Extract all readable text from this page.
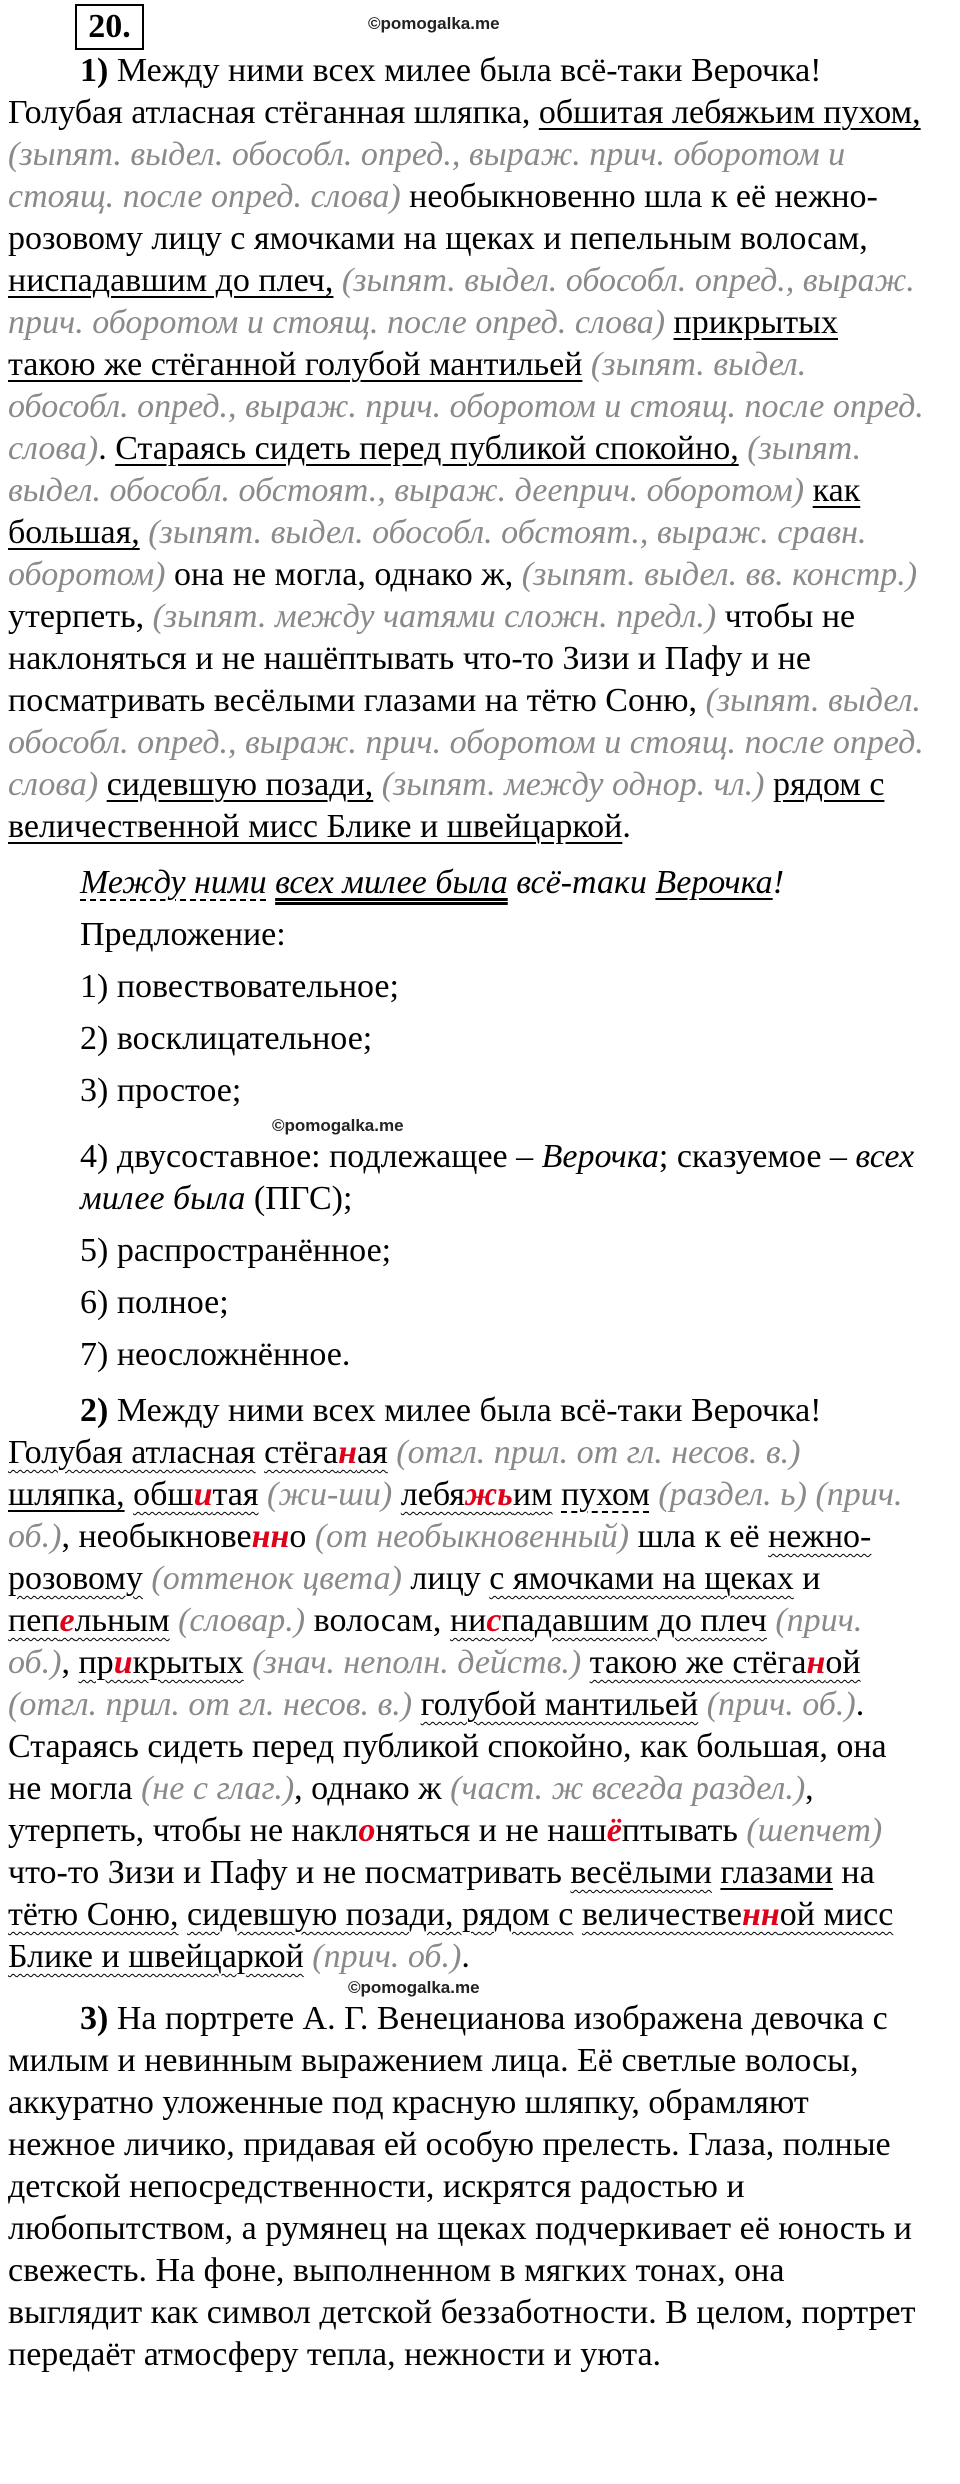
20.	©pomogalka.me

1) Между ними всех милее была всё-таки Верочка! Голубая атласная стёганная шляпка, обшитая лебяжьим пухом, (зыпят. выдел. обособл. опред., выраж. прич. оборотом и стоящ. после опред. слова) необыкновенно шла к её нежно-розовому лицу с ямочками на щеках и пепельным волосам, ниспадавшим до плеч, (зыпят. выдел. обособл. опред., выраж. прич. оборотом и стоящ. после опред. слова) прикрытых такою же стёганной голубой мантильей (зыпят. выдел. обособл. опред., выраж. прич. оборотом и стоящ. после опред. слова). Стараясь сидеть перед публикой спокойно, (зыпят. выдел. обособл. обстоят., выраж. дееприч. оборотом) как большая, (зыпят. выдел. обособл. обстоят., выраж. сравн. оборотом) она не могла, однако ж, (зыпят. выдел. вв. констр.) утерпеть, (зыпят. между чатями сложн. предл.) чтобы не наклоняться и не нашёптывать что-то Зизи и Пафу и не посматривать весёлыми глазами на тётю Соню, (зыпят. выдел. обособл. опред., выраж. прич. оборотом и стоящ. после опред. слова) сидевшую позади, (зыпят. между однор. чл.) рядом с величественной мисс Блике и швейцаркой.

Между ними всех милее была всё-таки Верочка!

Предложение:

1) повествовательное;

2) восклицательное;

3) простое;

©pomogalka.me

4) двусоставное: подлежащее – Верочка; сказуемое – всех милее была (ПГС);

5) распространённое;

6) полное;

7) неосложнённое.

2) Между ними всех милее была всё-таки Верочка! Голубая атласная стёганая (отгл. прил. от гл. несов. в.) шляпка, обшитая (жи-ши) лебяжьим пухом (раздел. ь) (прич. об.), необыкновенно (от необыкновенный) шла к её нежно-розовому (оттенок цвета) лицу с ямочками на щеках и пепельным (словар.) волосам, ниспадавшим до плеч (прич. об.), прикрытых (знач. неполн. действ.) такою же стёганой (отгл. прил. от гл. несов. в.) голубой мантильей (прич. об.). Стараясь сидеть перед публикой спокойно, как большая, она не могла (не с глаг.), однако ж (част. ж всегда раздел.), утерпеть, чтобы не наклоняться и не нашёптывать (шепчет) что-то Зизи и Пафу и не посматривать весёлыми глазами на тётю Соню, сидевшую позади, рядом с величественной мисс Блике и швейцаркой (прич. об.).

©pomogalka.me

3) На портрете А. Г. Венецианова изображена девочка с милым и невинным выражением лица. Её светлые волосы, аккуратно уложенные под красную шляпку, обрамляют нежное личико, придавая ей особую прелесть. Глаза, полные детской непосредственности, искрятся радостью и любопытством, а румянец на щеках подчеркивает её юность и свежесть. На фоне, выполненном в мягких тонах, она выглядит как символ детской беззаботности. В целом, портрет передаёт атмосферу тепла, нежности и уюта.
